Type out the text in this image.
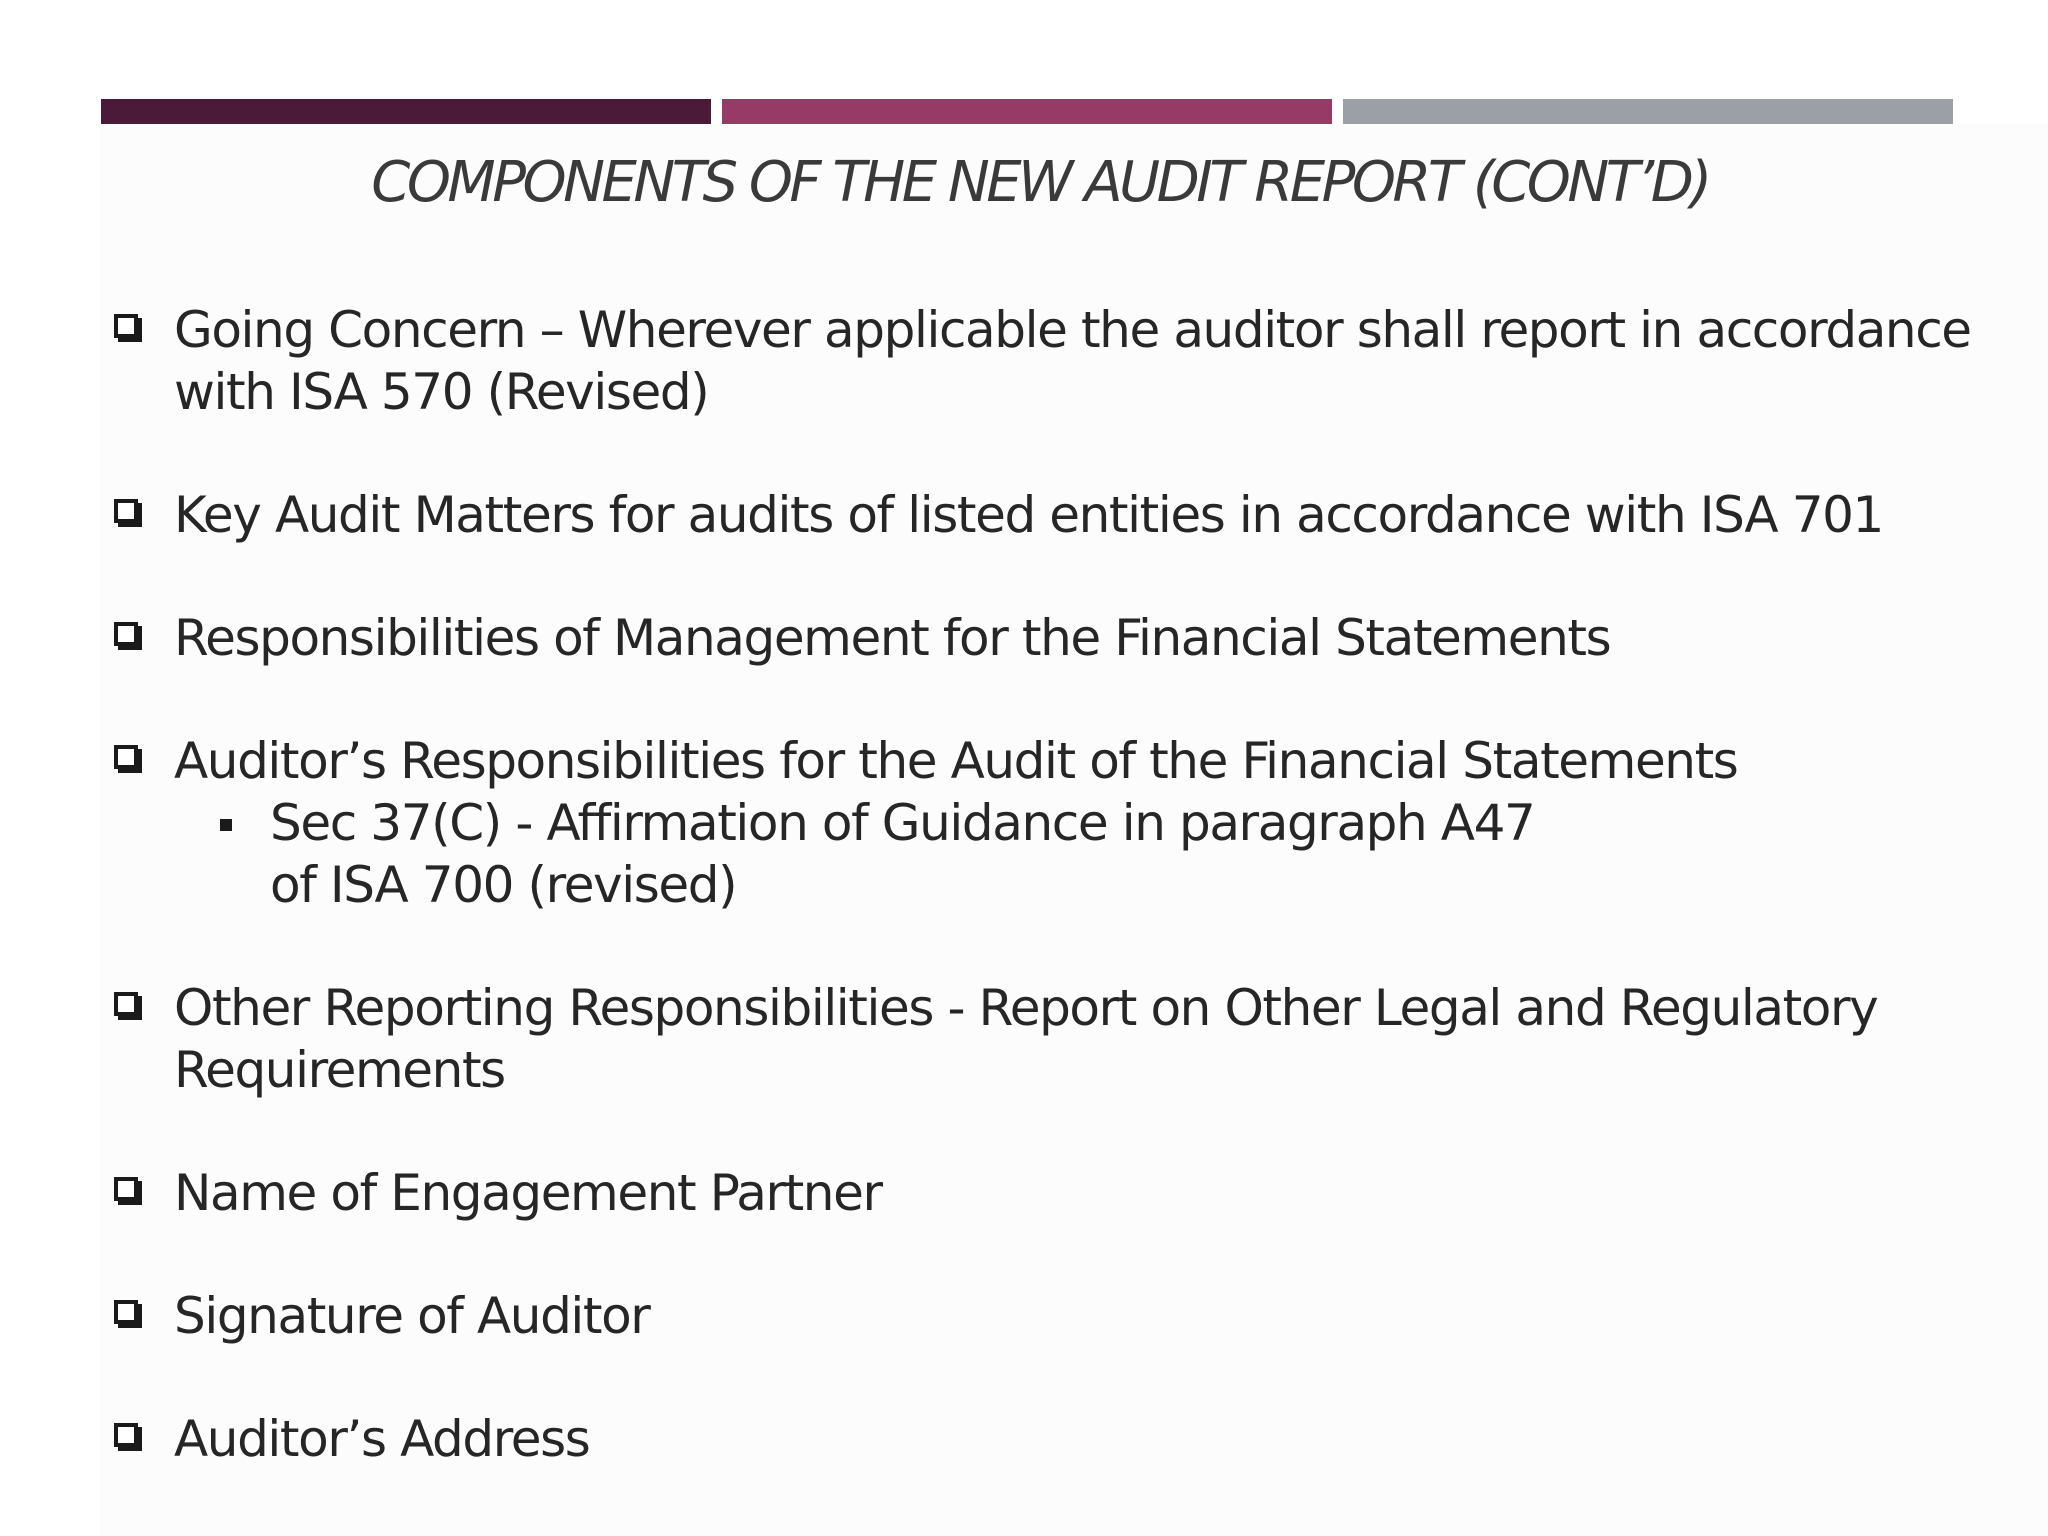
COMPONENTS OF THE NEW AUDIT REPORT (CONT’D)
Going Concern – Wherever applicable the auditor shall report in accordance with ISA 570 (Revised)
Key Audit Matters for audits of listed entities in accordance with ISA 701
Responsibilities of Management for the Financial Statements
Auditor’s Responsibilities for the Audit of the Financial Statements
Sec 37(C) - Affirmation of Guidance in paragraph A47 of ISA 700 (revised)
Other Reporting Responsibilities - Report on Other Legal and Regulatory Requirements
Name of Engagement Partner
Signature of Auditor
Auditor’s Address
